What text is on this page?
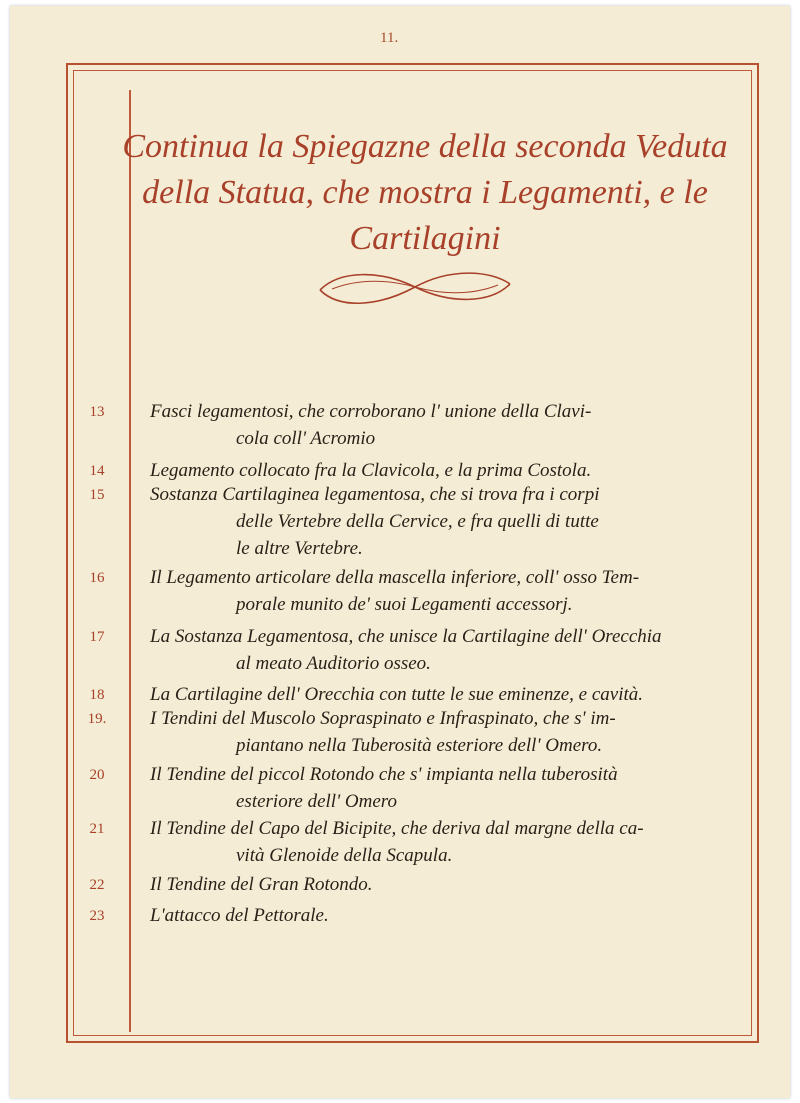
11.
Continua la Spiegazne della seconda Veduta
della Statua, che mostra i Legamenti, e le
Cartilagini
13	Fasci legamentosi, che corroborano l' unione della Clavi-
cola coll' Acromio
14	Legamento collocato fra la Clavicola, e la prima Costola.
15	Sostanza Cartilaginea legamentosa, che si trova fra i corpi
delle Vertebre della Cervice, e fra quelli di tutte
le altre Vertebre.
16	Il Legamento articolare della mascella inferiore, coll' osso Tem-
porale munito de' suoi Legamenti accessorj.
17	La Sostanza Legamentosa, che unisce la Cartilagine dell' Orecchia
al meato Auditorio osseo.
18	La Cartilagine dell' Orecchia con tutte le sue eminenze, e cavità.
19. I Tendini del Muscolo Sopraspinato e Infraspinato, che s' im-
piantano nella Tuberosità esteriore dell' Omero.
20	Il Tendine del piccol Rotondo che s' impianta nella tuberosità
esteriore dell' Omero
21	Il Tendine del Capo del Bicipite, che deriva dal margne della ca-
vità Glenoide della Scapula.
22	Il Tendine del Gran Rotondo.
23	L'attacco del Pettorale.
